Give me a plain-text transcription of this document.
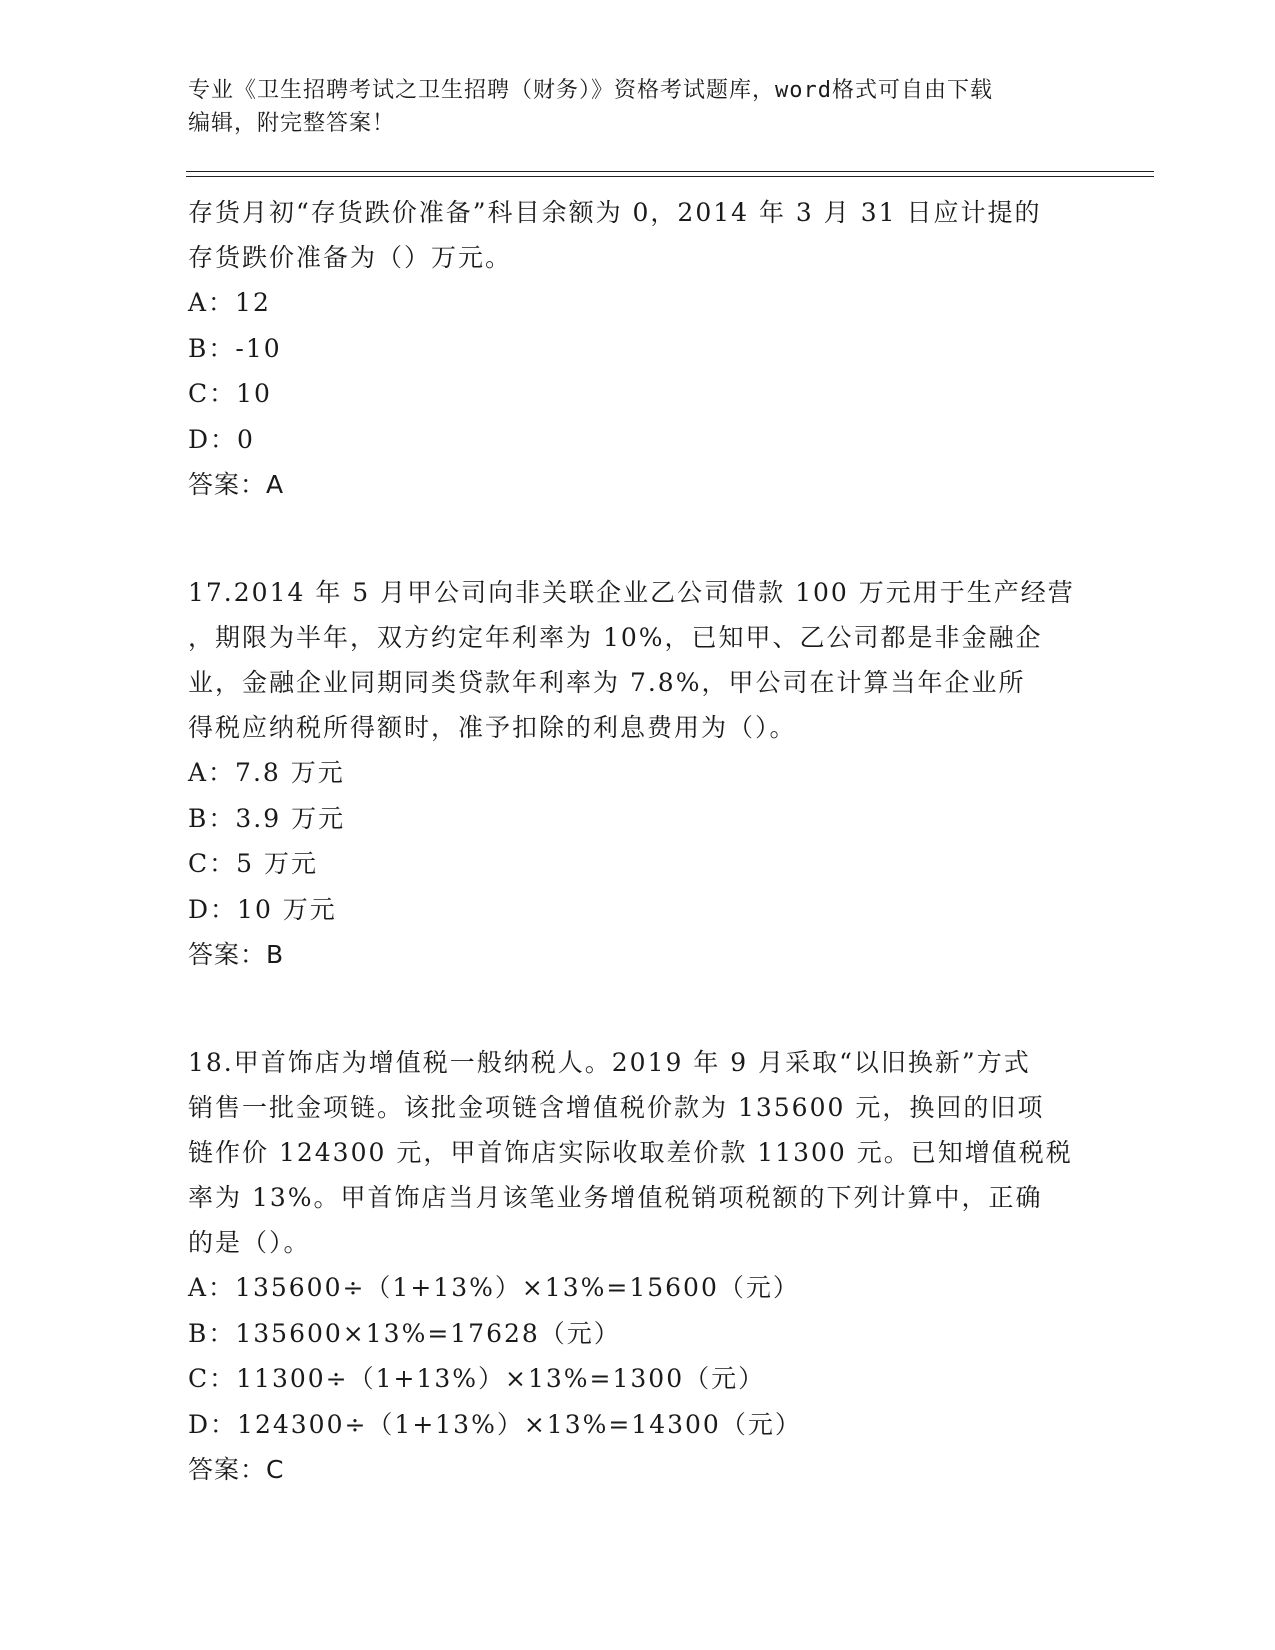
专业《卫生招聘考试之卫生招聘（财务）》资格考试题库，word格式可自由下载
编辑，附完整答案！

存货月初“存货跌价准备”科目余额为 0，2014 年 3 月 31 日应计提的

存货跌价准备为（）万元。

A：12

B：-10

C：10

D：0

答案：A

17.2014 年 5 月甲公司向非关联企业乙公司借款 100 万元用于生产经营

，期限为半年，双方约定年利率为 10%，已知甲、乙公司都是非金融企

业，金融企业同期同类贷款年利率为 7.8%，甲公司在计算当年企业所

得税应纳税所得额时，准予扣除的利息费用为（）。

A：7.8 万元

B：3.9 万元

C：5 万元

D：10 万元

答案：B

18.甲首饰店为增值税一般纳税人。2019 年 9 月采取“以旧换新”方式

销售一批金项链。该批金项链含增值税价款为 135600 元，换回的旧项

链作价 124300 元，甲首饰店实际收取差价款 11300 元。已知增值税税

率为 13%。甲首饰店当月该笔业务增值税销项税额的下列计算中，正确

的是（）。

A：135600÷（1+13%）×13%=15600（元）

B：135600×13%=17628（元）

C：11300÷（1+13%）×13%=1300（元）

D：124300÷（1+13%）×13%=14300（元）

答案：C
